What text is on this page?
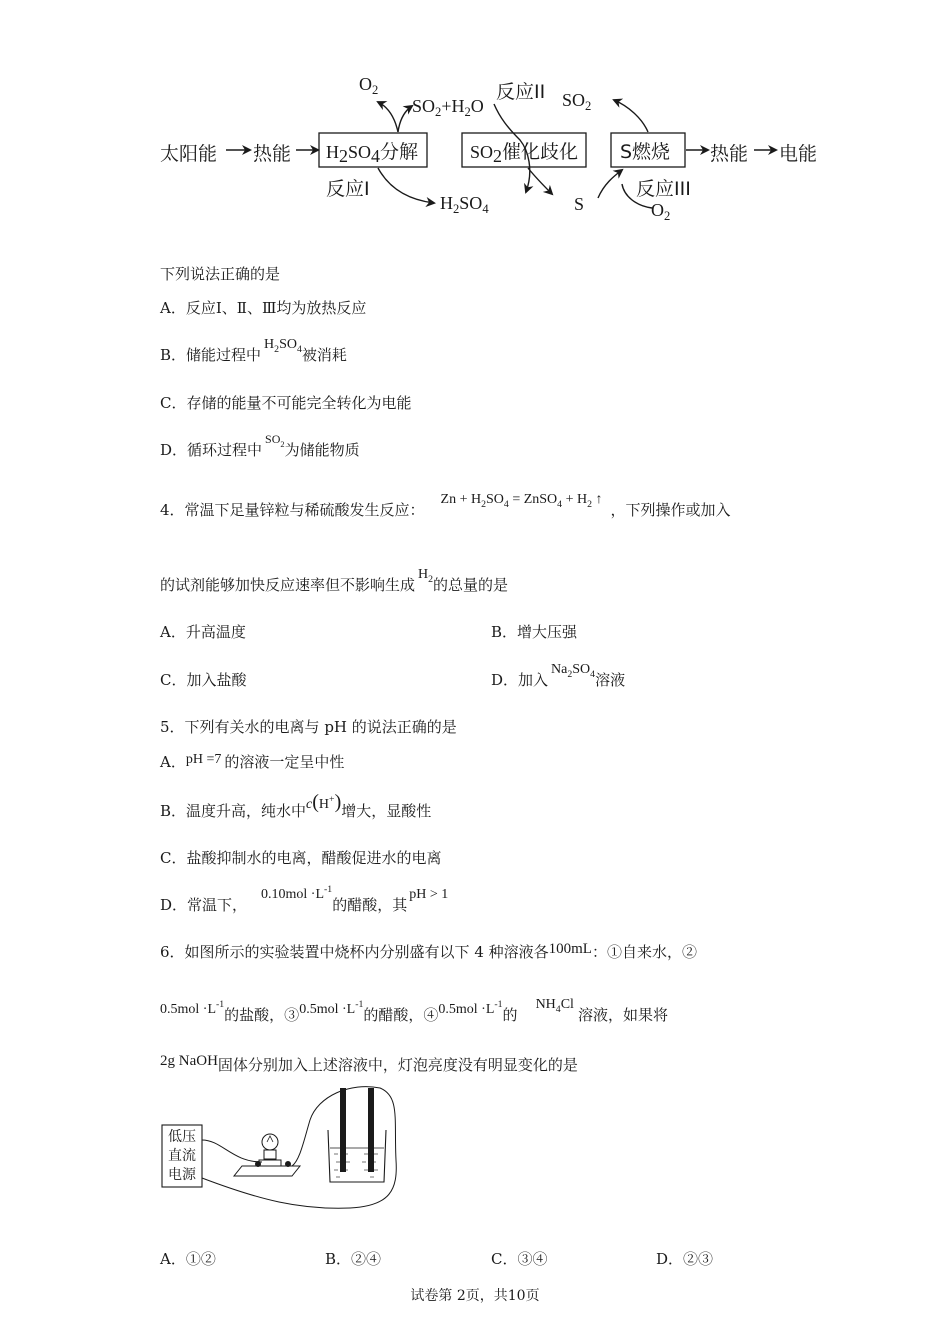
太阳能 热能 $H_2SO_4$分解	$SO_2$催化歧化 S燃烧 热能 电能
$O_2$
$SO_2+H_2O$
反应II $SO_2$
反应I
$H_2SO_4$	S
反应III
$O_2$
下列说法正确的是
A．反应Ⅰ、Ⅱ、Ⅲ均为放热反应
B．储能过程中$H_2SO_4$被消耗
C．存储的能量不可能完全转化为电能
D．循环过程中$^{SO_2}$为储能物质
4．常温下足量锌粒与稀硫酸发生反应：$Zn + H_2SO_4$ = ZnSO$_4$ + $H_2$ ↑，下列操作或加入
的试剂能够加快反应速率但不影响生成$H_2$的总量的是
A．升高温度	B．增大压强
C．加入盐酸	D．加入$Na_2SO_4$溶液
5．下列有关水的电离与 pH 的说法正确的是
A．pH =7 的溶液一定呈中性
B．温度升高，纯水中c(H+)增大，显酸性
C．盐酸抑制水的电离，醋酸促进水的电离
D．常温下，$0.10mol \cdot L^{-1}$的醋酸，其pH > 1
6．如图所示的实验装置中烧杯内分别盛有以下 4 种溶液各100mL：①自来水，②
$0.5mol \cdot L^{-1}$的盐酸，③0.5mol $\cdot L^{-1}$的醋酸，④0.5mol $\cdot L^{-1}$的$NH_4Cl$溶液，如果将
2g NaOH固体分别加入上述溶液中，灯泡亮度没有明显变化的是
低压
直流
电源
A．①②	B．②④	C．③④	D．②③
试卷第 2页，共10页
